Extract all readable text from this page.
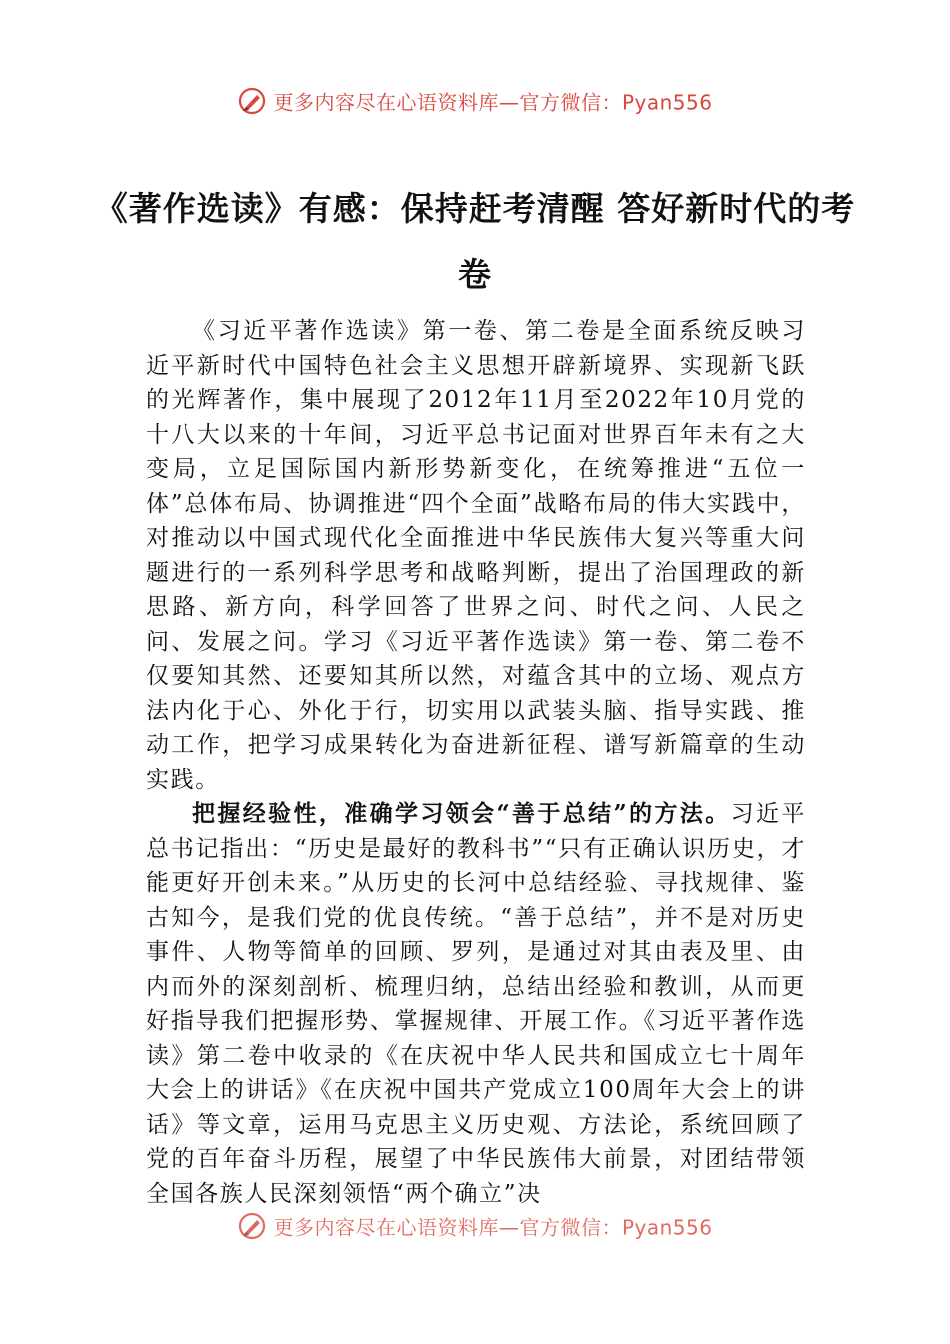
更多内容尽在心语资料库—官方微信：Pyan556
《著作选读》有感：保持赶考清醒 答好新时代的考卷

《习近平著作选读》第一卷、第二卷是全面系统反映习近平新时代中国特色社会主义思想开辟新境界、实现新飞跃的光辉著作，集中展现了2012年11月至2022年10月党的十八大以来的十年间，习近平总书记面对世界百年未有之大变局，立足国际国内新形势新变化，在统筹推进“五位一体”总体布局、协调推进“四个全面”战略布局的伟大实践中，对推动以中国式现代化全面推进中华民族伟大复兴等重大问题进行的一系列科学思考和战略判断，提出了治国理政的新思路、新方向，科学回答了世界之问、时代之问、人民之问、发展之问。学习《习近平著作选读》第一卷、第二卷不仅要知其然、还要知其所以然，对蕴含其中的立场、观点方法内化于心、外化于行，切实用以武装头脑、指导实践、推动工作，把学习成果转化为奋进新征程、谱写新篇章的生动实践。

把握经验性，准确学习领会“善于总结”的方法。习近平总书记指出：“历史是最好的教科书”“只有正确认识历史，才能更好开创未来。”从历史的长河中总结经验、寻找规律、鉴古知今，是我们党的优良传统。“善于总结”，并不是对历史事件、人物等简单的回顾、罗列，是通过对其由表及里、由内而外的深刻剖析、梳理归纳，总结出经验和教训，从而更好指导我们把握形势、掌握规律、开展工作。《习近平著作选读》第二卷中收录的《在庆祝中华人民共和国成立七十周年大会上的讲话》《在庆祝中国共产党成立100周年大会上的讲话》等文章，运用马克思主义历史观、方法论，系统回顾了党的百年奋斗历程，展望了中华民族伟大前景，对团结带领全国各族人民深刻领悟“两个确立”决

更多内容尽在心语资料库—官方微信：Pyan556
